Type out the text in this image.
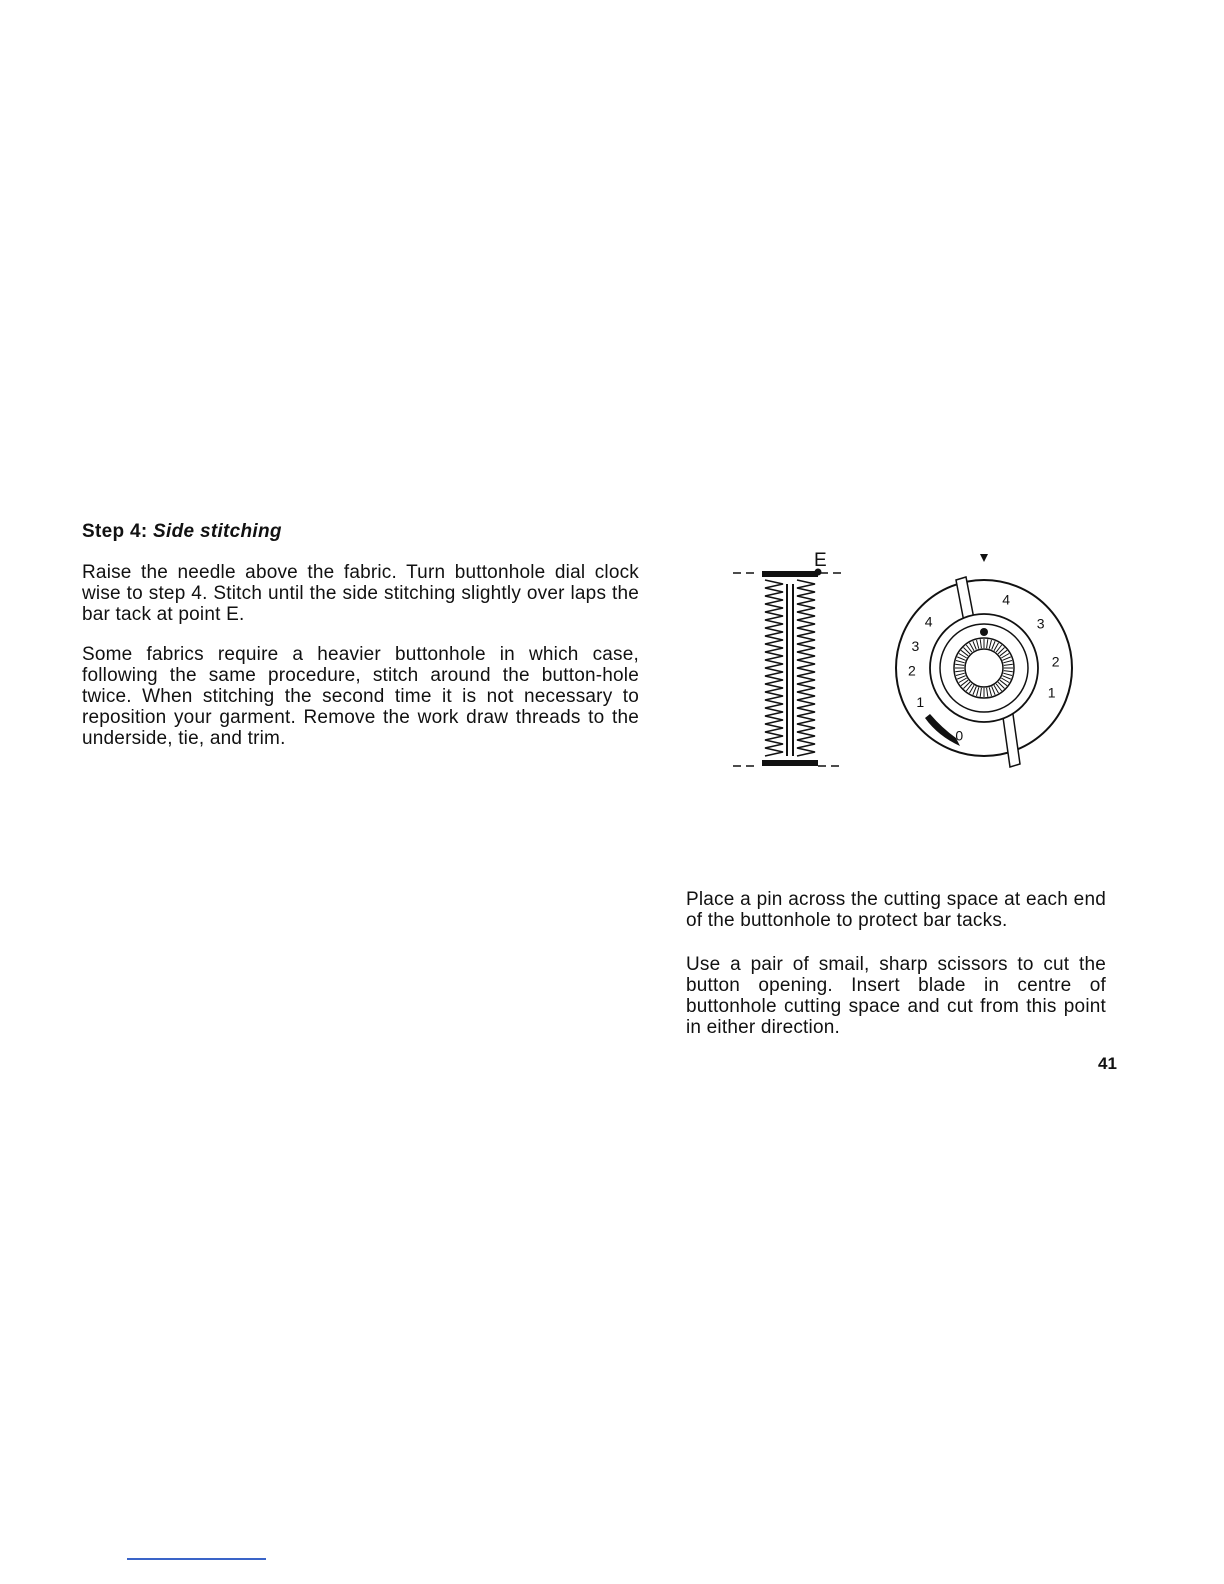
Step 4: Side stitching

Raise the needle above the fabric. Turn buttonhole dial clock wise to step 4. Stitch until the side stitching slightly over laps the bar tack at point E.

Some fabrics require a heavier buttonhole in which case, following the same procedure, stitch around the button-hole twice. When stitching the second time it is not necessary to reposition your garment. Remove the work draw threads to the underside, tie, and trim.

E
4
3
2
1
0
1
2
3
4

Place a pin across the cutting space at each end of the buttonhole to protect bar tacks.

Use a pair of smail, sharp scissors to cut the button opening. Insert blade in centre of buttonhole cutting space and cut from this point in either direction.

41
